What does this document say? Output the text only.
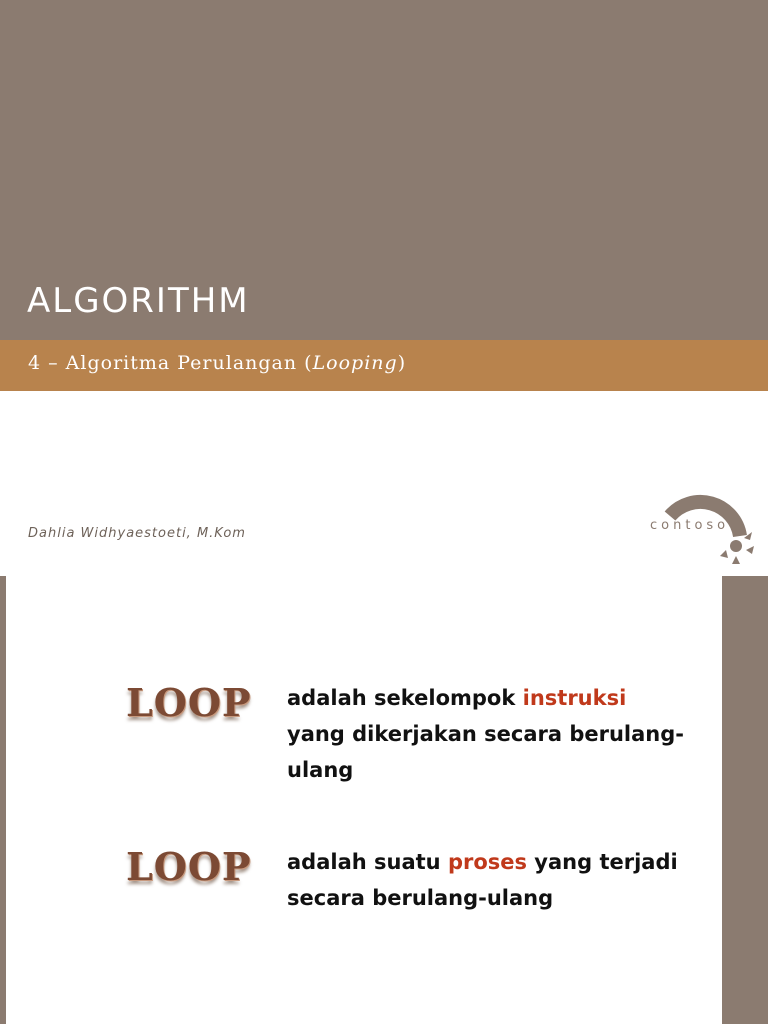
ALGORITHM

4 – Algoritma Perulangan (Looping)

Dahlia Widhyaestoeti, M.Kom
contoso
LOOP adalah sekelompok instruksi yang dikerjakan secara berulang-ulang

LOOP adalah suatu proses yang terjadi secara berulang-ulang
